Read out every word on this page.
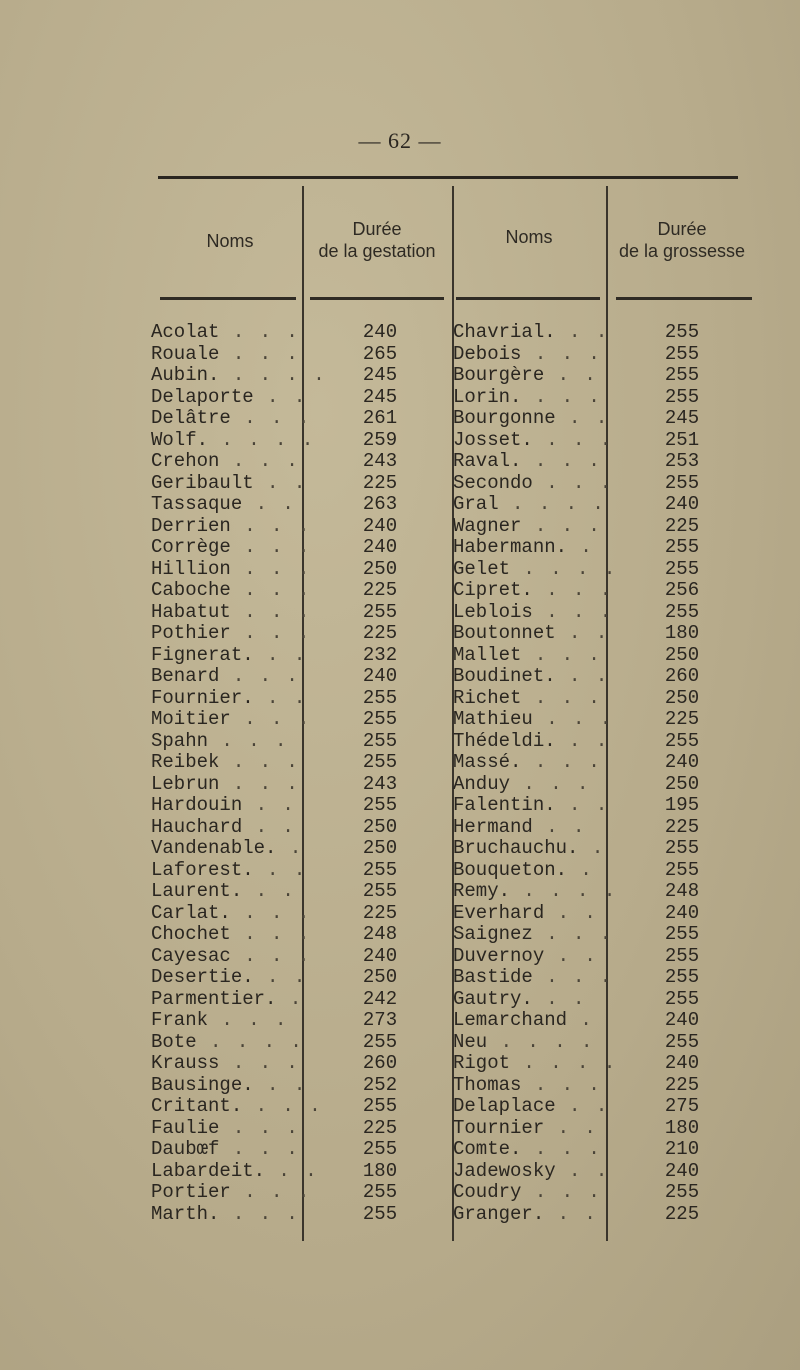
— 62 —
Noms
Durée
de la gestation
Noms	Durée
de la grossesse
Acolat . . .
Rouale . . .
Aubin. . . . .
Delaporte . .
Delâtre . . .
Wolf. . . . .
Crehon . . .
Geribault . .
Tassaque . .
Derrien . . .
Corrège . . .
Hillion . . .
Caboche . . .
Habatut . . .
Pothier . . .
Fignerat. . .
Benard . . .
Fournier. . .
Moitier . . .
Spahn . . .
Reibek . . .
Lebrun . . .
Hardouin . .
Hauchard . .
Vandenable. .
Laforest. . .
Laurent. . .
Carlat. . . .
Chochet . . .
Cayesac . . .
Desertie. . .
Parmentier. .
Frank . . .
Bote . . . .
Krauss . . .
Bausinge. . .
Critant. . . .
Faulie . . .
Daubœf . . .
Labardeit. . .
Portier . . .
Marth. . . .
240
265
245
245
261
259
243
225
263
240
240
250
225
255
225
232
240
255
255
255
255
243
255
250
250
255
255
225
248
240
250
242
273
255
260
252
255
225
255
180
255
255
Chavrial. . .
Debois . . .
Bourgère . .
Lorin. . . .
Bourgonne . .
Josset. . . .
Raval. . . .
Secondo . . .
Gral . . . .
Wagner . . .
Habermann. .
Gelet . . . .
Cipret. . . .
Leblois . . .
Boutonnet . .
Mallet . . .
Boudinet. . .
Richet . . .
Mathieu . . .
Thédeldi. . .
Massé. . . .
Anduy . . .
Falentin. . .
Hermand . .
Bruchauchu. .
Bouqueton. .
Remy. . . . .
Everhard . .
Saignez . . .
Duvernoy . .
Bastide . . .
Gautry. . .
Lemarchand .
Neu . . . .
Rigot . . . .
Thomas . . .
Delaplace . .
Tournier . .
Comte. . . .
Jadewosky . .
Coudry . . .
Granger. . .
255
255
255
255
245
251
253
255
240
225
255
255
256
255
180
250
260
250
225
255
240
250
195
225
255
255
248
240
255
255
255
255
240
255
240
225
275
180
210
240
255
225
